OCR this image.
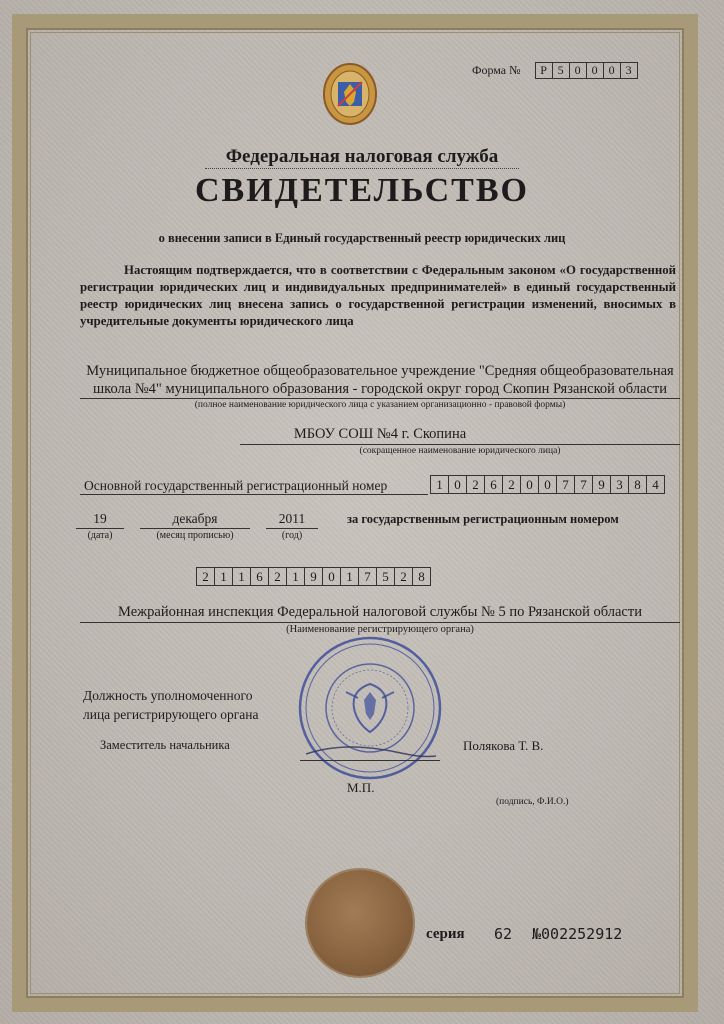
Форма №	Р 5 0 0 0 3
Федеральная налоговая служба
СВИДЕТЕЛЬСТВО
о внесении записи в Единый государственный реестр юридических лиц
Настоящим подтверждается, что в соответствии с Федеральным законом «О государственной регистрации юридических лиц и индивидуальных предпринимателей» в единый государственный реестр юридических лиц внесена запись о государственной регистрации изменений, вносимых в учредительные документы юридического лица
Муниципальное бюджетное общеобразовательное учреждение "Средняя общеобразовательная
школа №4" муниципального образования - городской округ город Скопин Рязанской области
(полное наименование юридического лица с указанием организационно - правовой формы)
МБОУ СОШ №4 г. Скопина
(сокращенное наименование юридического лица)
Основной государственный регистрационный номер	1 0 2 6 2 0 0 7 7 9 3 8 4
19
(дата)
декабря
(месяц прописью)
2011
(год)
за государственным регистрационным номером
2 1 1 6 2 1 9 0 1 7 5 2 8
Межрайонная инспекция Федеральной налоговой службы № 5 по Рязанской области
(Наименование регистрирующего органа)
Должность уполномоченного
лица регистрирующего органа
Заместитель начальника	Полякова Т. В.
М.П.
(подпись, Ф.И.О.)
серия 62 №002252912
